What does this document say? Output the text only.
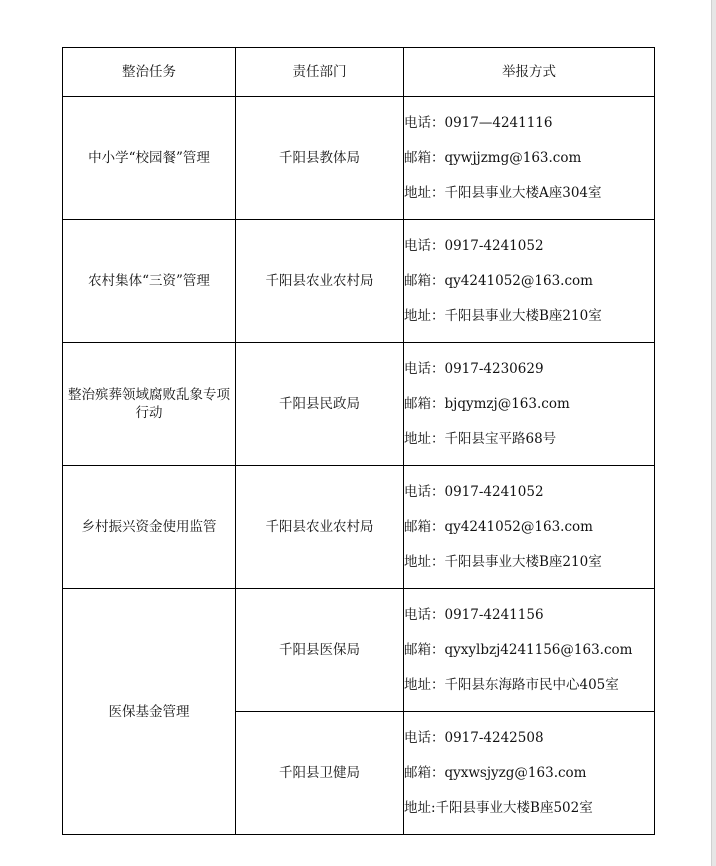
整治任务	责任部门	举报方式
中小学“校园餐”管理	千阳县教体局	电话：0917—4241116
邮箱：qywjjzmg@163.com
地址：千阳县事业大楼A座304室

农村集体“三资”管理	千阳县农业农村局	电话：0917-4241052
邮箱：qy4241052@163.com
地址：千阳县事业大楼B座210室

整治殡葬领域腐败乱象专项行动	千阳县民政局	电话：0917-4230629
邮箱：bjqymzj@163.com
地址：千阳县宝平路68号

乡村振兴资金使用监管	千阳县农业农村局	电话：0917-4241052
邮箱：qy4241052@163.com
地址：千阳县事业大楼B座210室

医保基金管理	千阳县医保局	电话：0917-4241156
邮箱：qyxylbzj4241156@163.com
地址：千阳县东海路市民中心405室

	千阳县卫健局	电话：0917-4242508
邮箱：qyxwsjyzg@163.com
地址:千阳县事业大楼B座502室
